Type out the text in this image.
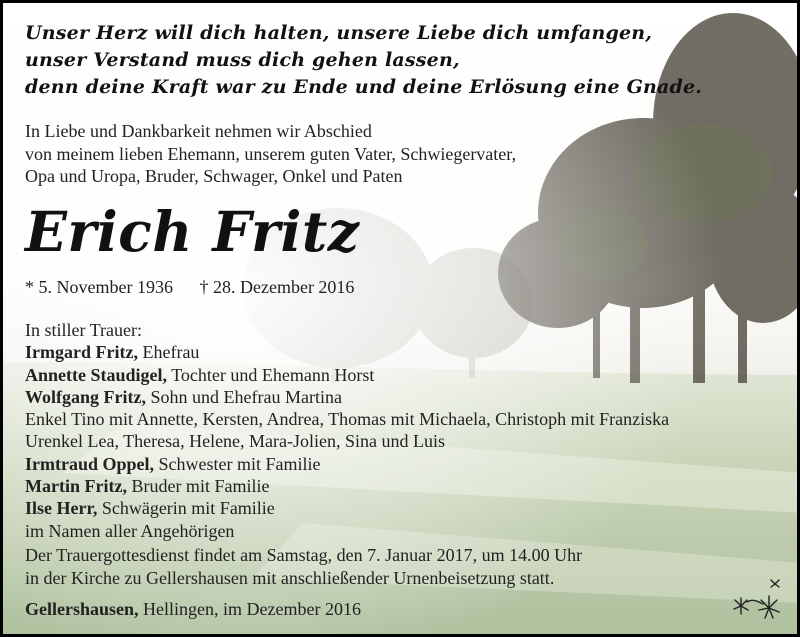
Unser Herz will dich halten, unsere Liebe dich umfangen,
unser Verstand muss dich gehen lassen,
denn deine Kraft war zu Ende und deine Erlösung eine Gnade.
In Liebe und Dankbarkeit nehmen wir Abschied
von meinem lieben Ehemann, unserem guten Vater, Schwiegervater,
Opa und Uropa, Bruder, Schwager, Onkel und Paten
Erich Fritz
* 5. November 1936 † 28. Dezember 2016
In stiller Trauer:
Irmgard Fritz, Ehefrau
Annette Staudigel, Tochter und Ehemann Horst
Wolfgang Fritz, Sohn und Ehefrau Martina
Enkel Tino mit Annette, Kersten, Andrea, Thomas mit Michaela, Christoph mit Franziska
Urenkel Lea, Theresa, Helene, Mara-Jolien, Sina und Luis
Irmtraud Oppel, Schwester mit Familie
Martin Fritz, Bruder mit Familie
Ilse Herr, Schwägerin mit Familie
im Namen aller Angehörigen
Der Trauergottesdienst findet am Samstag, den 7. Januar 2017, um 14.00 Uhr
in der Kirche zu Gellershausen mit anschließender Urnenbeisetzung statt.
Gellershausen, Hellingen, im Dezember 2016
